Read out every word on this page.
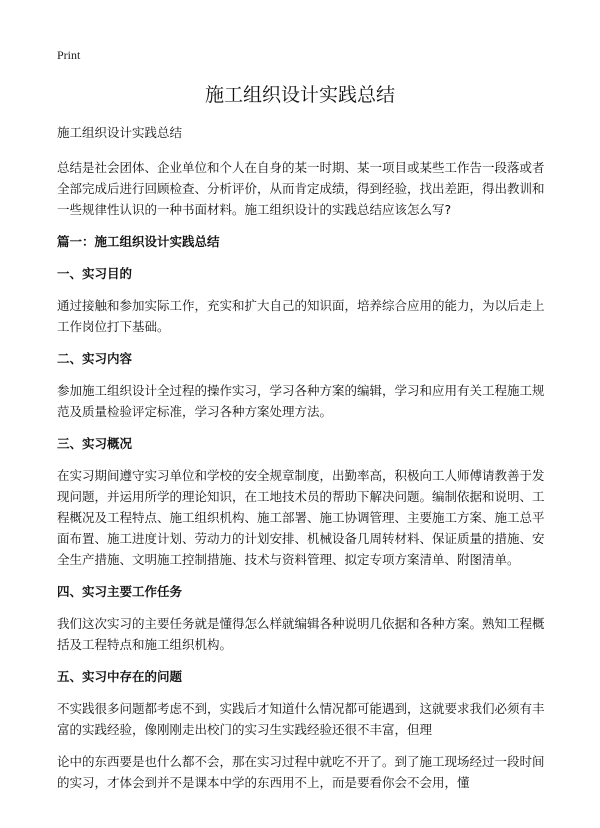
Print
施工组织设计实践总结

施工组织设计实践总结

总结是社会团体、企业单位和个人在自身的某一时期、某一项目或某些工作告一段落或者全部完成后进行回顾检查、分析评价，从而肯定成绩，得到经验，找出差距，得出教训和一些规律性认识的一种书面材料。施工组织设计的实践总结应该怎么写?

篇一：施工组织设计实践总结

一、实习目的

通过接触和参加实际工作，充实和扩大自己的知识面，培养综合应用的能力，为以后走上工作岗位打下基础。

二、实习内容

参加施工组织设计全过程的操作实习，学习各种方案的编辑，学习和应用有关工程施工规范及质量检验评定标准，学习各种方案处理方法。

三、实习概况

在实习期间遵守实习单位和学校的安全规章制度，出勤率高，积极向工人师傅请教善于发现问题，并运用所学的理论知识，在工地技术员的帮助下解决问题。编制依据和说明、工程概况及工程特点、施工组织机构、施工部署、施工协调管理、主要施工方案、施工总平面布置、施工进度计划、劳动力的计划安排、机械设备几周转材料、保证质量的措施、安全生产措施、文明施工控制措施、技术与资料管理、拟定专项方案清单、附图清单。

四、实习主要工作任务

我们这次实习的主要任务就是懂得怎么样就编辑各种说明几依据和各种方案。熟知工程概括及工程特点和施工组织机构。

五、实习中存在的问题

不实践很多问题都考虑不到，实践后才知道什么情况都可能遇到，这就要求我们必须有丰富的实践经验，像刚刚走出校门的实习生实践经验还很不丰富，但理

论中的东西要是也什么都不会，那在实习过程中就吃不开了。到了施工现场经过一段时间的实习，才体会到并不是课本中学的东西用不上，而是要看你会不会用，懂
